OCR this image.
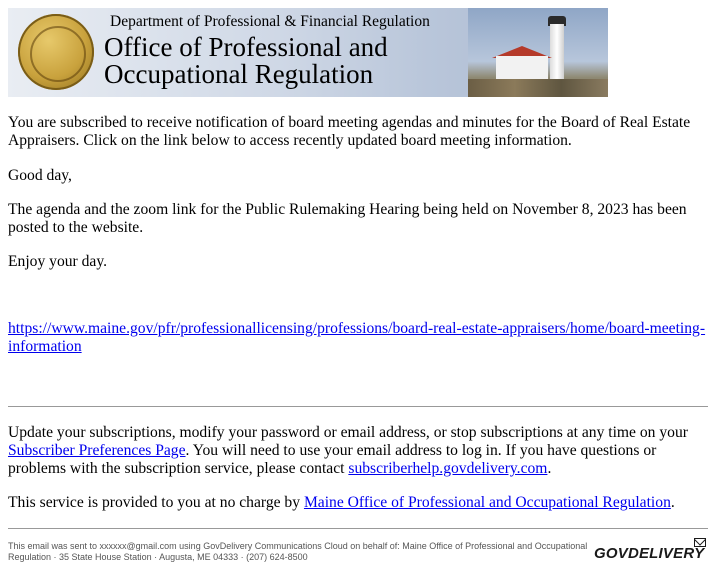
Department of Professional & Financial Regulation
Office of Professional and
Occupational Regulation

You are subscribed to receive notification of board meeting agendas and minutes for the Board of Real Estate Appraisers. Click on the link below to access recently updated board meeting information.

Good day,

The agenda and the zoom link for the Public Rulemaking Hearing being held on November 8, 2023 has been posted to the website.

Enjoy your day.

https://www.maine.gov/pfr/professionallicensing/professions/board-real-estate-appraisers/home/board-meeting-information

Update your subscriptions, modify your password or email address, or stop subscriptions at any time on your Subscriber Preferences Page. You will need to use your email address to log in. If you have questions or problems with the subscription service, please contact subscriberhelp.govdelivery.com.

This service is provided to you at no charge by Maine Office of Professional and Occupational Regulation.

This email was sent to xxxxxx@gmail.com using GovDelivery Communications Cloud on behalf of: Maine Office of Professional and Occupational Regulation · 35 State House Station · Augusta, ME 04333 · (207) 624-8500	GOVDELIVERY
